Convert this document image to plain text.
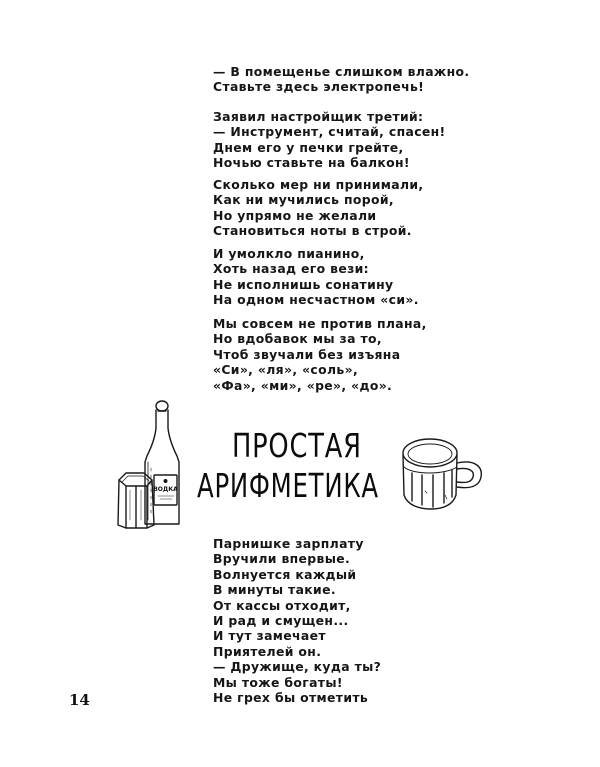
— В помещенье слишком влажно.
Ставьте здесь электропечь!
Заявил настройщик третий:
— Инструмент, считай, спасен!
Днем его у печки грейте,
Ночью ставьте на балкон!
Сколько мер ни принимали,
Как ни мучились порой,
Но упрямо не желали
Становиться ноты в строй.
И умолкло пианино,
Хоть назад его вези:
Не исполнишь сонатину
На одном несчастном «си».
Мы совсем не против плана,
Но вдобавок мы за то,
Чтоб звучали без изъяна
«Си», «ля», «соль»,
«Фа», «ми», «ре», «до».
ВОДКА
ПРОСТАЯ
АРИФМЕТИКА
Парнишке зарплату
Вручили впервые.
Волнуется каждый
В минуты такие.
От кассы отходит,
И рад и смущен...
И тут замечает
Приятелей он.
— Дружище, куда ты?
Мы тоже богаты!
Не грех бы отметить
14
